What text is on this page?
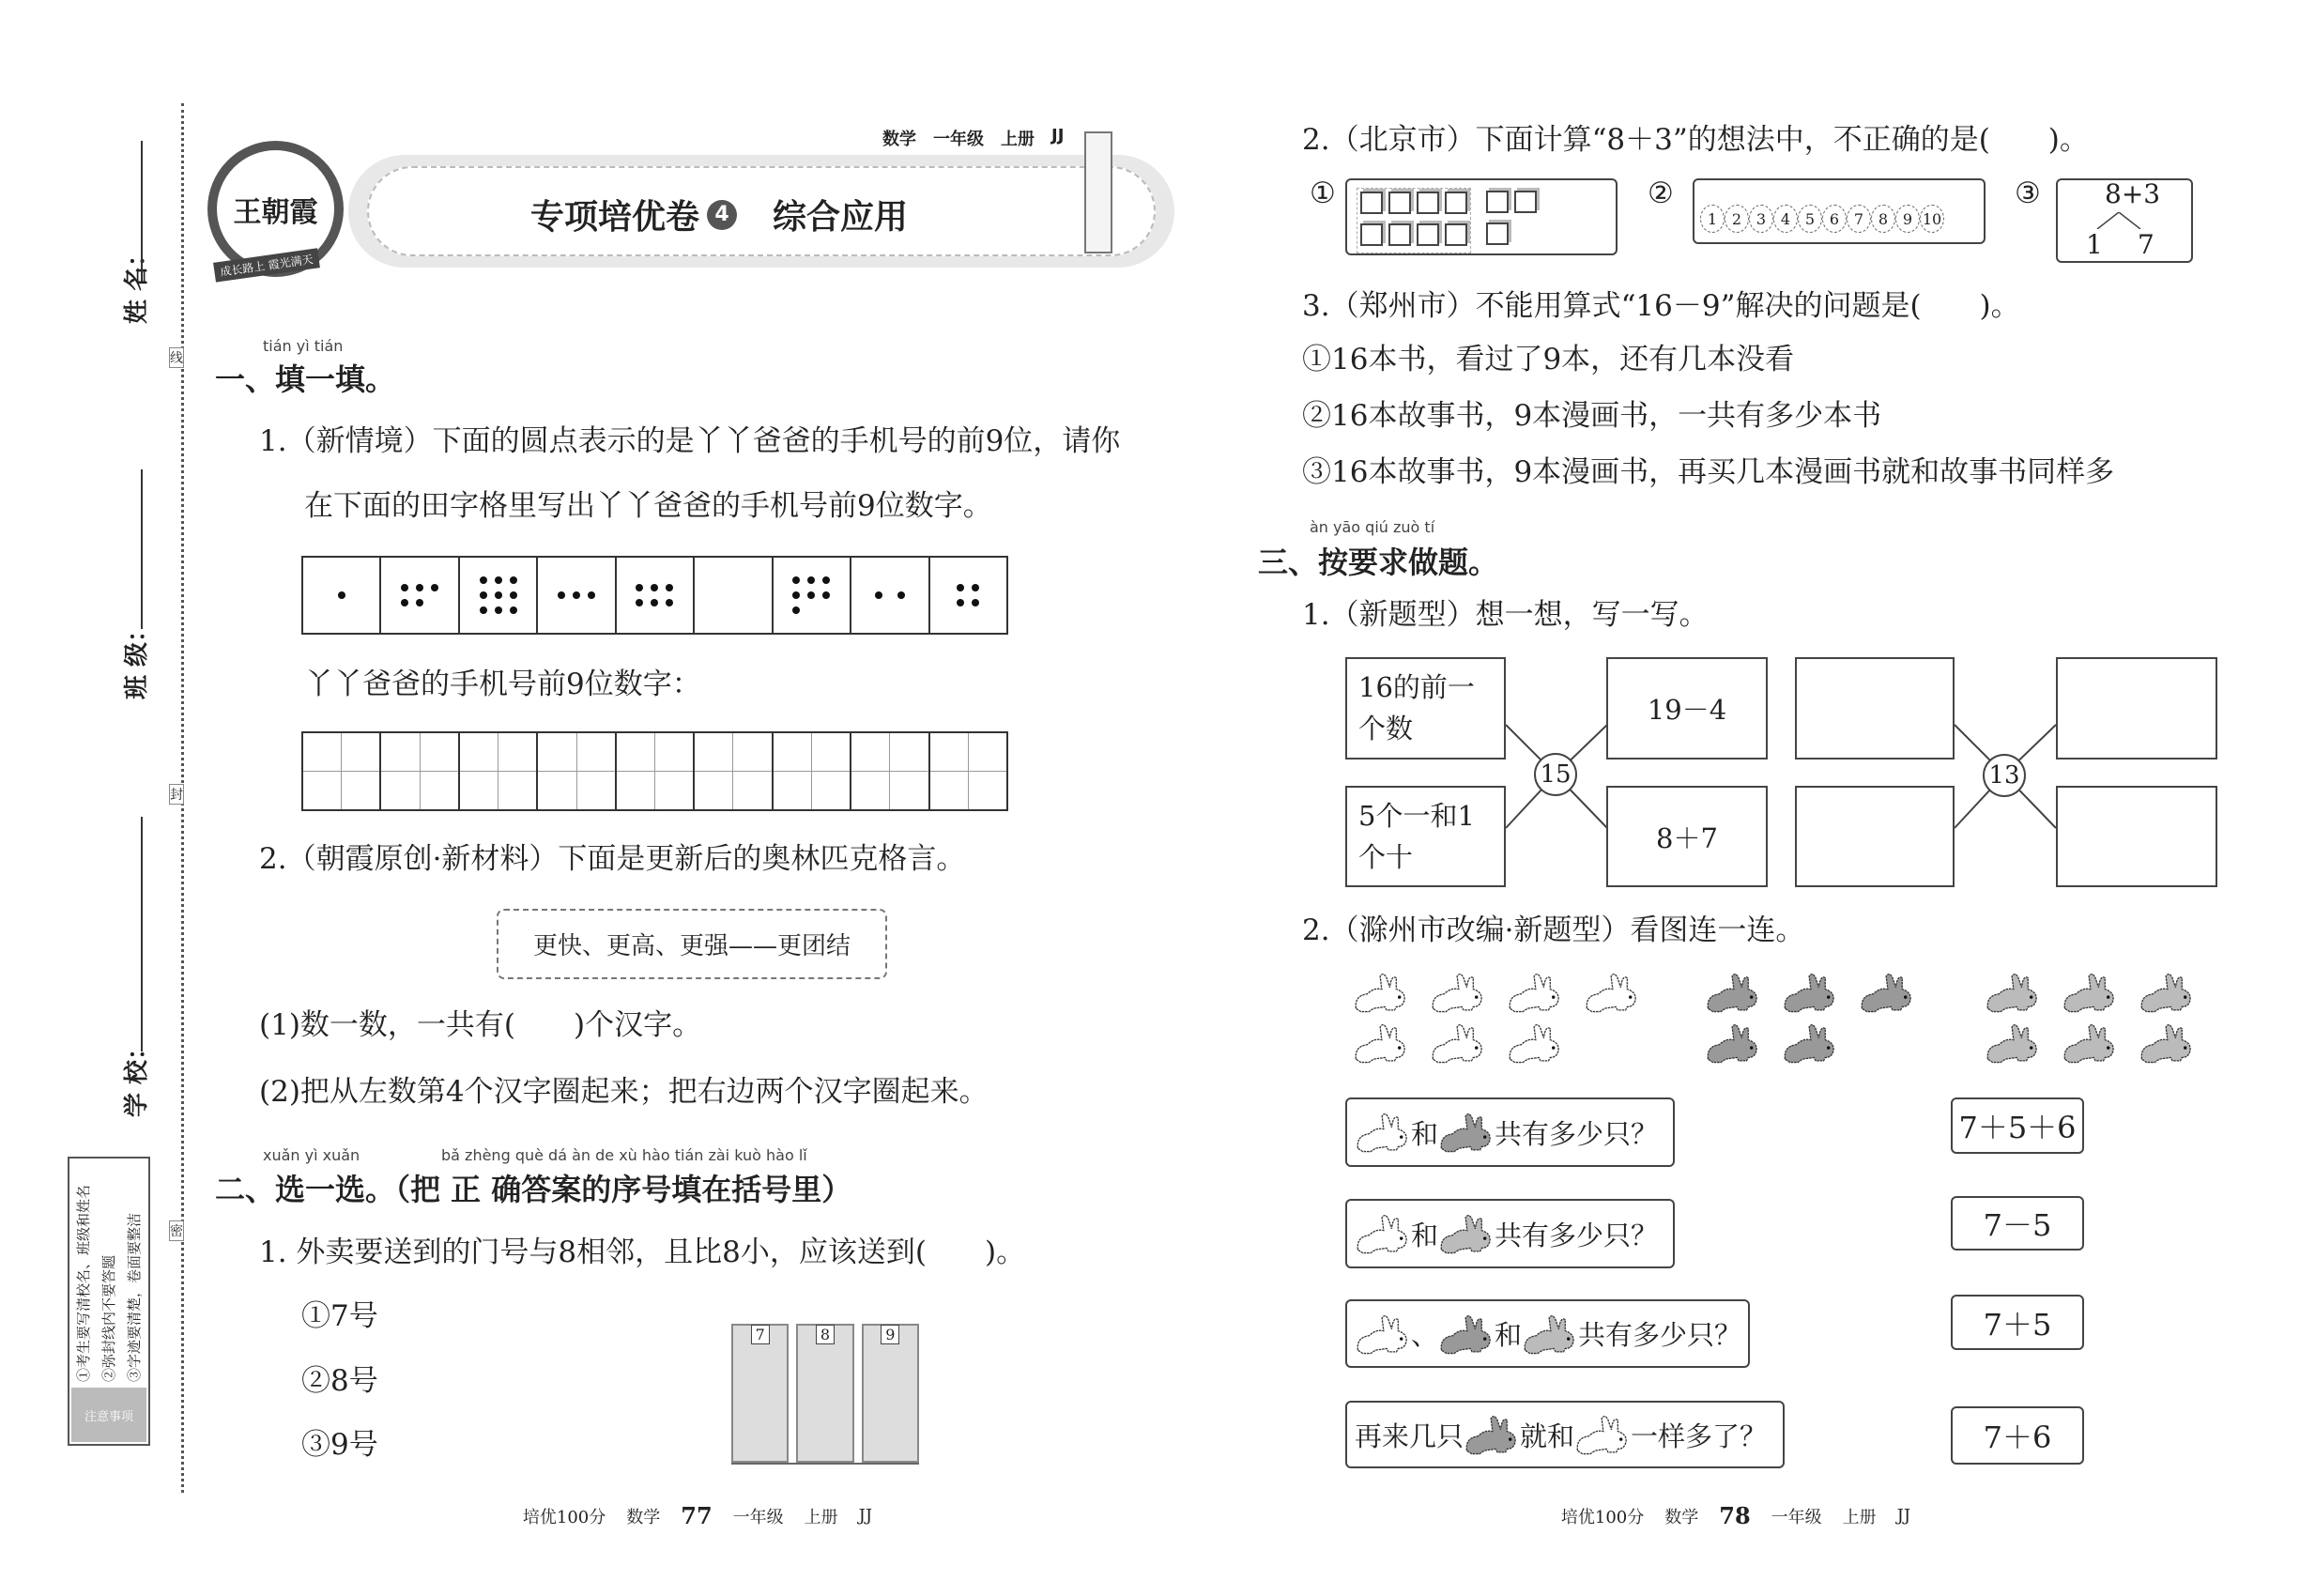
姓 名：
班 级：
学 校：
线
封
密
①考生要写清校名、班级和姓名 ②弥封线内不要答题 ③字迹要清楚，卷面要整洁
注意事项
王朝霞
成长路上 霞光满天
数学 一年级 上册 JJ
专项培优卷 4 综合应用
tián yì tián
一、填一填。
1.（新情境）下面的圆点表示的是丫丫爸爸的手机号的前9位，请你
在下面的田字格里写出丫丫爸爸的手机号前9位数字。
丫丫爸爸的手机号前9位数字：
2.（朝霞原创·新材料）下面是更新后的奥林匹克格言。
更快、更高、更强——更团结
(1)数一数，一共有(　　)个汉字。
(2)把从左数第4个汉字圈起来；把右边两个汉字圈起来。
xuǎn yì xuǎn	bǎ zhèng què dá àn de xù hào tián zài kuò hào lǐ
二、选一选。（把 正 确答案的序号填在括号里）
1. 外卖要送到的门号与8相邻，且比8小，应该送到(　　)。
①7号
②8号
③9号
7	8	9
2.（北京市）下面计算“8＋3”的想法中，不正确的是(　　)。
①

	②
1 2 3 4 5 6 7 8 9 10
③ 8+3
1 7
3.（郑州市）不能用算式“16－9”解决的问题是(　　)。
①16本书，看过了9本，还有几本没看
②16本故事书，9本漫画书，一共有多少本书
③16本故事书，9本漫画书，再买几本漫画书就和故事书同样多
àn yāo qiú zuò tí
三、按要求做题。
1.（新题型）想一想，写一写。
16的前一个数
19－4
5个一和1个十
8＋7
15	13
2.（滁州市改编·新题型）看图连一连。
和 共有多少只？
和 共有多少只？
、 和 共有多少只？
再来几只 就和 一样多了？
7＋5＋6
7－5
7＋5
7＋6
培优100分 数学 77 一年级 上册 JJ	培优100分 数学 78 一年级 上册 JJ
